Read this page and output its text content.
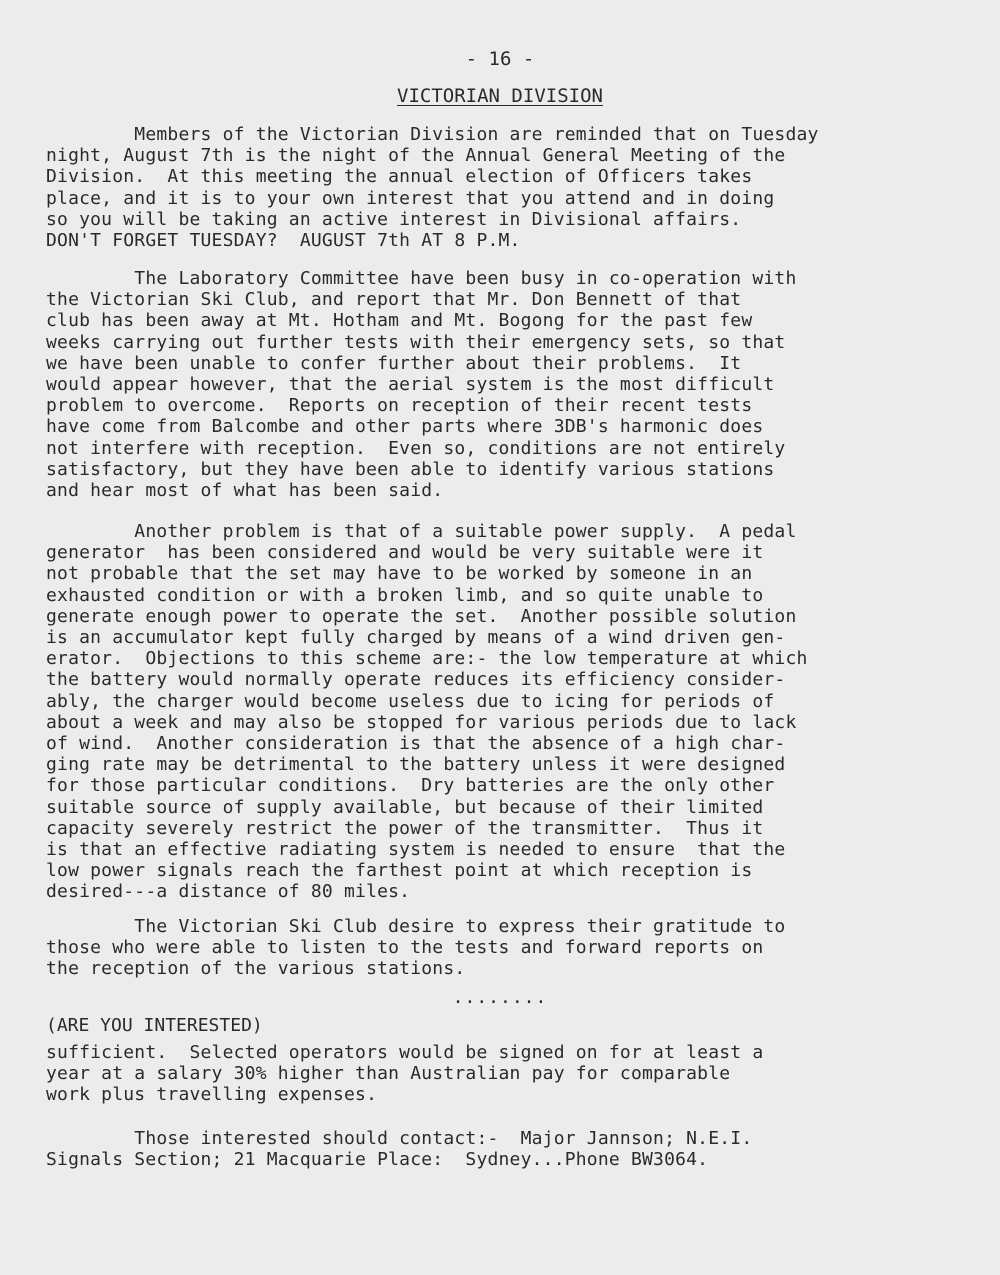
- 16 -
VICTORIAN DIVISION

Members of the Victorian Division are reminded that on Tuesday
night, August 7th is the night of the Annual General Meeting of the
Division.  At this meeting the annual election of Officers takes
place, and it is to your own interest that you attend and in doing
so you will be taking an active interest in Divisional affairs.
DON'T FORGET TUESDAY?  AUGUST 7th AT 8 P.M.

The Laboratory Committee have been busy in co-operation with
the Victorian Ski Club, and report that Mr. Don Bennett of that
club has been away at Mt. Hotham and Mt. Bogong for the past few
weeks carrying out further tests with their emergency sets, so that
we have been unable to confer further about their problems.  It
would appear however, that the aerial system is the most difficult
problem to overcome.  Reports on reception of their recent tests
have come from Balcombe and other parts where 3DB's harmonic does
not interfere with reception.  Even so, conditions are not entirely
satisfactory, but they have been able to identify various stations
and hear most of what has been said.

Another problem is that of a suitable power supply.  A pedal
generator  has been considered and would be very suitable were it
not probable that the set may have to be worked by someone in an
exhausted condition or with a broken limb, and so quite unable to
generate enough power to operate the set.  Another possible solution
is an accumulator kept fully charged by means of a wind driven gen-
erator.  Objections to this scheme are:- the low temperature at which
the battery would normally operate reduces its efficiency consider-
ably, the charger would become useless due to icing for periods of
about a week and may also be stopped for various periods due to lack
of wind.  Another consideration is that the absence of a high char-
ging rate may be detrimental to the battery unless it were designed
for those particular conditions.  Dry batteries are the only other
suitable source of supply available, but because of their limited
capacity severely restrict the power of the transmitter.  Thus it
is that an effective radiating system is needed to ensure  that the
low power signals reach the farthest point at which reception is
desired---a distance of 80 miles.

The Victorian Ski Club desire to express their gratitude to
those who were able to listen to the tests and forward reports on
the reception of the various stations.

........
(ARE YOU INTERESTED)

sufficient.  Selected operators would be signed on for at least a
year at a salary 30% higher than Australian pay for comparable
work plus travelling expenses.

Those interested should contact:-  Major Jannson; N.E.I.
Signals Section; 21 Macquarie Place:  Sydney...Phone BW3064.
